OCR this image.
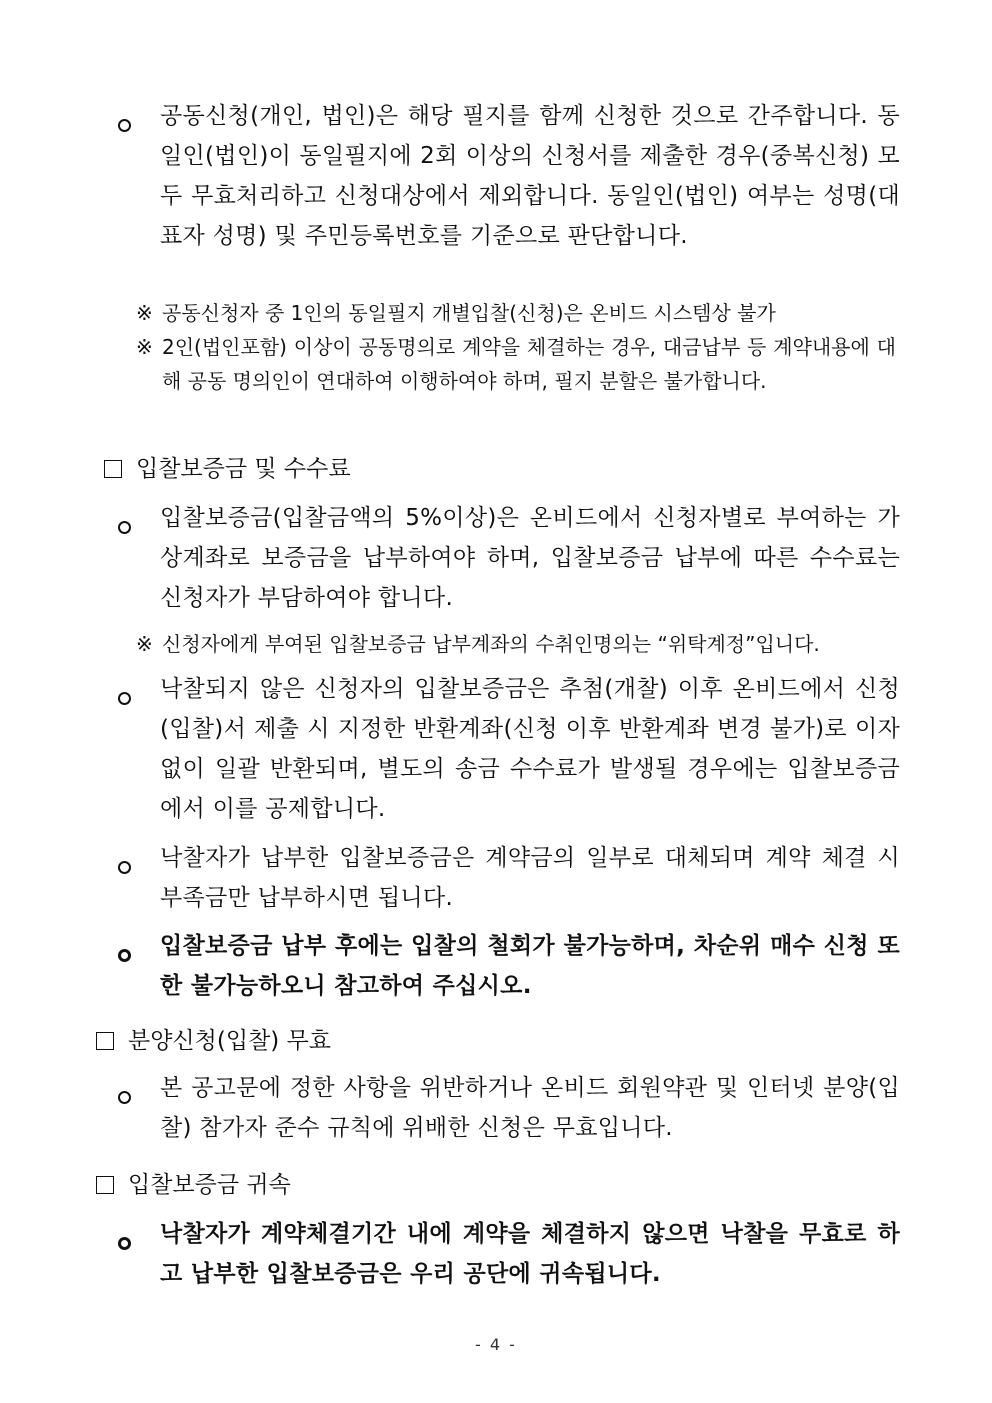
공동신청(개인, 법인)은 해당 필지를 함께 신청한 것으로 간주합니다. 동일인(법인)이 동일필지에 2회 이상의 신청서를 제출한 경우(중복신청) 모두 무효처리하고 신청대상에서 제외합니다. 동일인(법인) 여부는 성명(대표자 성명) 및 주민등록번호를 기준으로 판단합니다.
※ 공동신청자 중 1인의 동일필지 개별입찰(신청)은 온비드 시스템상 불가
※ 2인(법인포함) 이상이 공동명의로 계약을 체결하는 경우, 대금납부 등 계약내용에 대해 공동 명의인이 연대하여 이행하여야 하며, 필지 분할은 불가합니다.
입찰보증금 및 수수료
입찰보증금(입찰금액의 5%이상)은 온비드에서 신청자별로 부여하는 가상계좌로 보증금을 납부하여야 하며, 입찰보증금 납부에 따른 수수료는 신청자가 부담하여야 합니다.
※ 신청자에게 부여된 입찰보증금 납부계좌의 수취인명의는 “위탁계정”입니다.
낙찰되지 않은 신청자의 입찰보증금은 추첨(개찰) 이후 온비드에서 신청(입찰)서 제출 시 지정한 반환계좌(신청 이후 반환계좌 변경 불가)로 이자 없이 일괄 반환되며, 별도의 송금 수수료가 발생될 경우에는 입찰보증금에서 이를 공제합니다.
낙찰자가 납부한 입찰보증금은 계약금의 일부로 대체되며 계약 체결 시 부족금만 납부하시면 됩니다.
입찰보증금 납부 후에는 입찰의 철회가 불가능하며, 차순위 매수 신청 또한 불가능하오니 참고하여 주십시오.
분양신청(입찰) 무효
본 공고문에 정한 사항을 위반하거나 온비드 회원약관 및 인터넷 분양(입찰) 참가자 준수 규칙에 위배한 신청은 무효입니다.
입찰보증금 귀속
낙찰자가 계약체결기간 내에 계약을 체결하지 않으면 낙찰을 무효로 하고 납부한 입찰보증금은 우리 공단에 귀속됩니다.
- 4 -
